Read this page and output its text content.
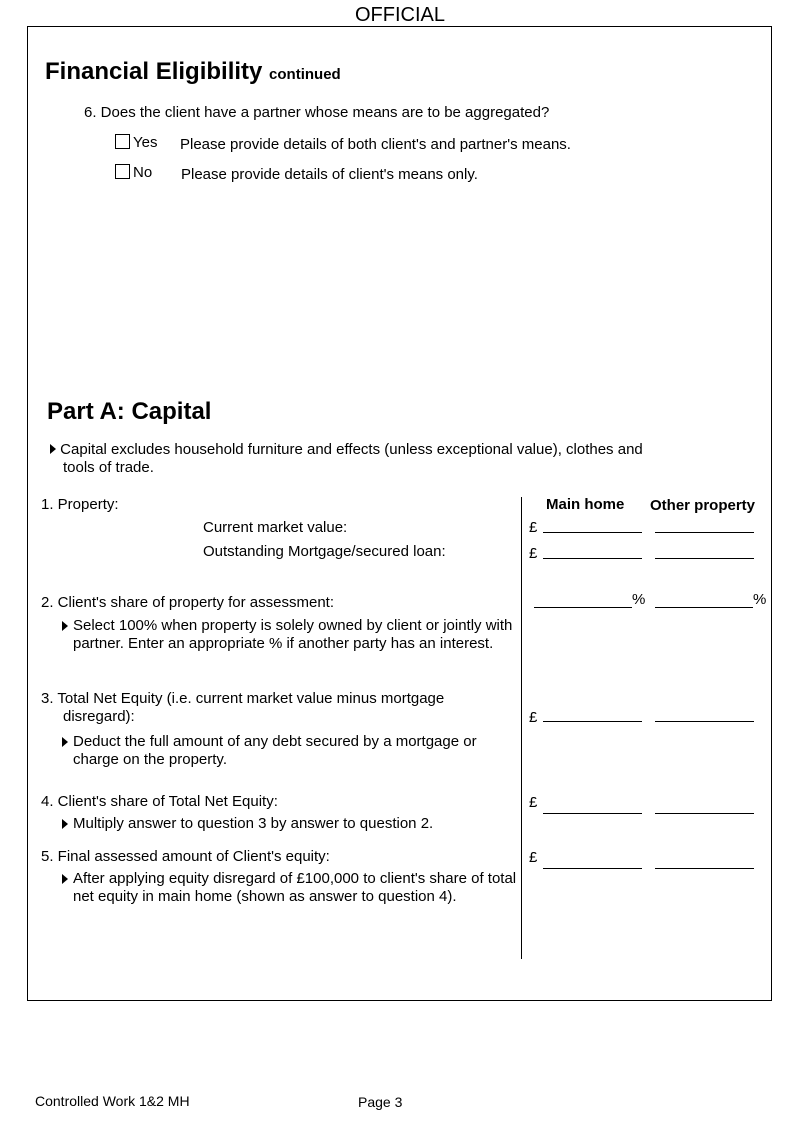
OFFICIAL
Financial Eligibility continued
6. Does the client have a partner whose means are to be aggregated?
Yes Please provide details of both client's and partner's means.
No Please provide details of client's means only.
Part A: Capital
Capital excludes household furniture and effects (unless exceptional value), clothes and
tools of trade.
Main home Other property
1. Property:
Current market value:
Outstanding Mortgage/secured loan:
£
£
2. Client's share of property for assessment:
Select 100% when property is solely owned by client or jointly with partner. Enter an appropriate % if another party has an interest.
%	%
3. Total Net Equity (i.e. current market value minus mortgage
disregard):
Deduct the full amount of any debt secured by a mortgage or charge on the property.
£
4. Client's share of Total Net Equity:
Multiply answer to question 3 by answer to question 2.
£
5. Final assessed amount of Client's equity:
After applying equity disregard of £100,000 to client's share of total net equity in main home (shown as answer to question 4).
£
Controlled Work 1&2 MH	Page 3
